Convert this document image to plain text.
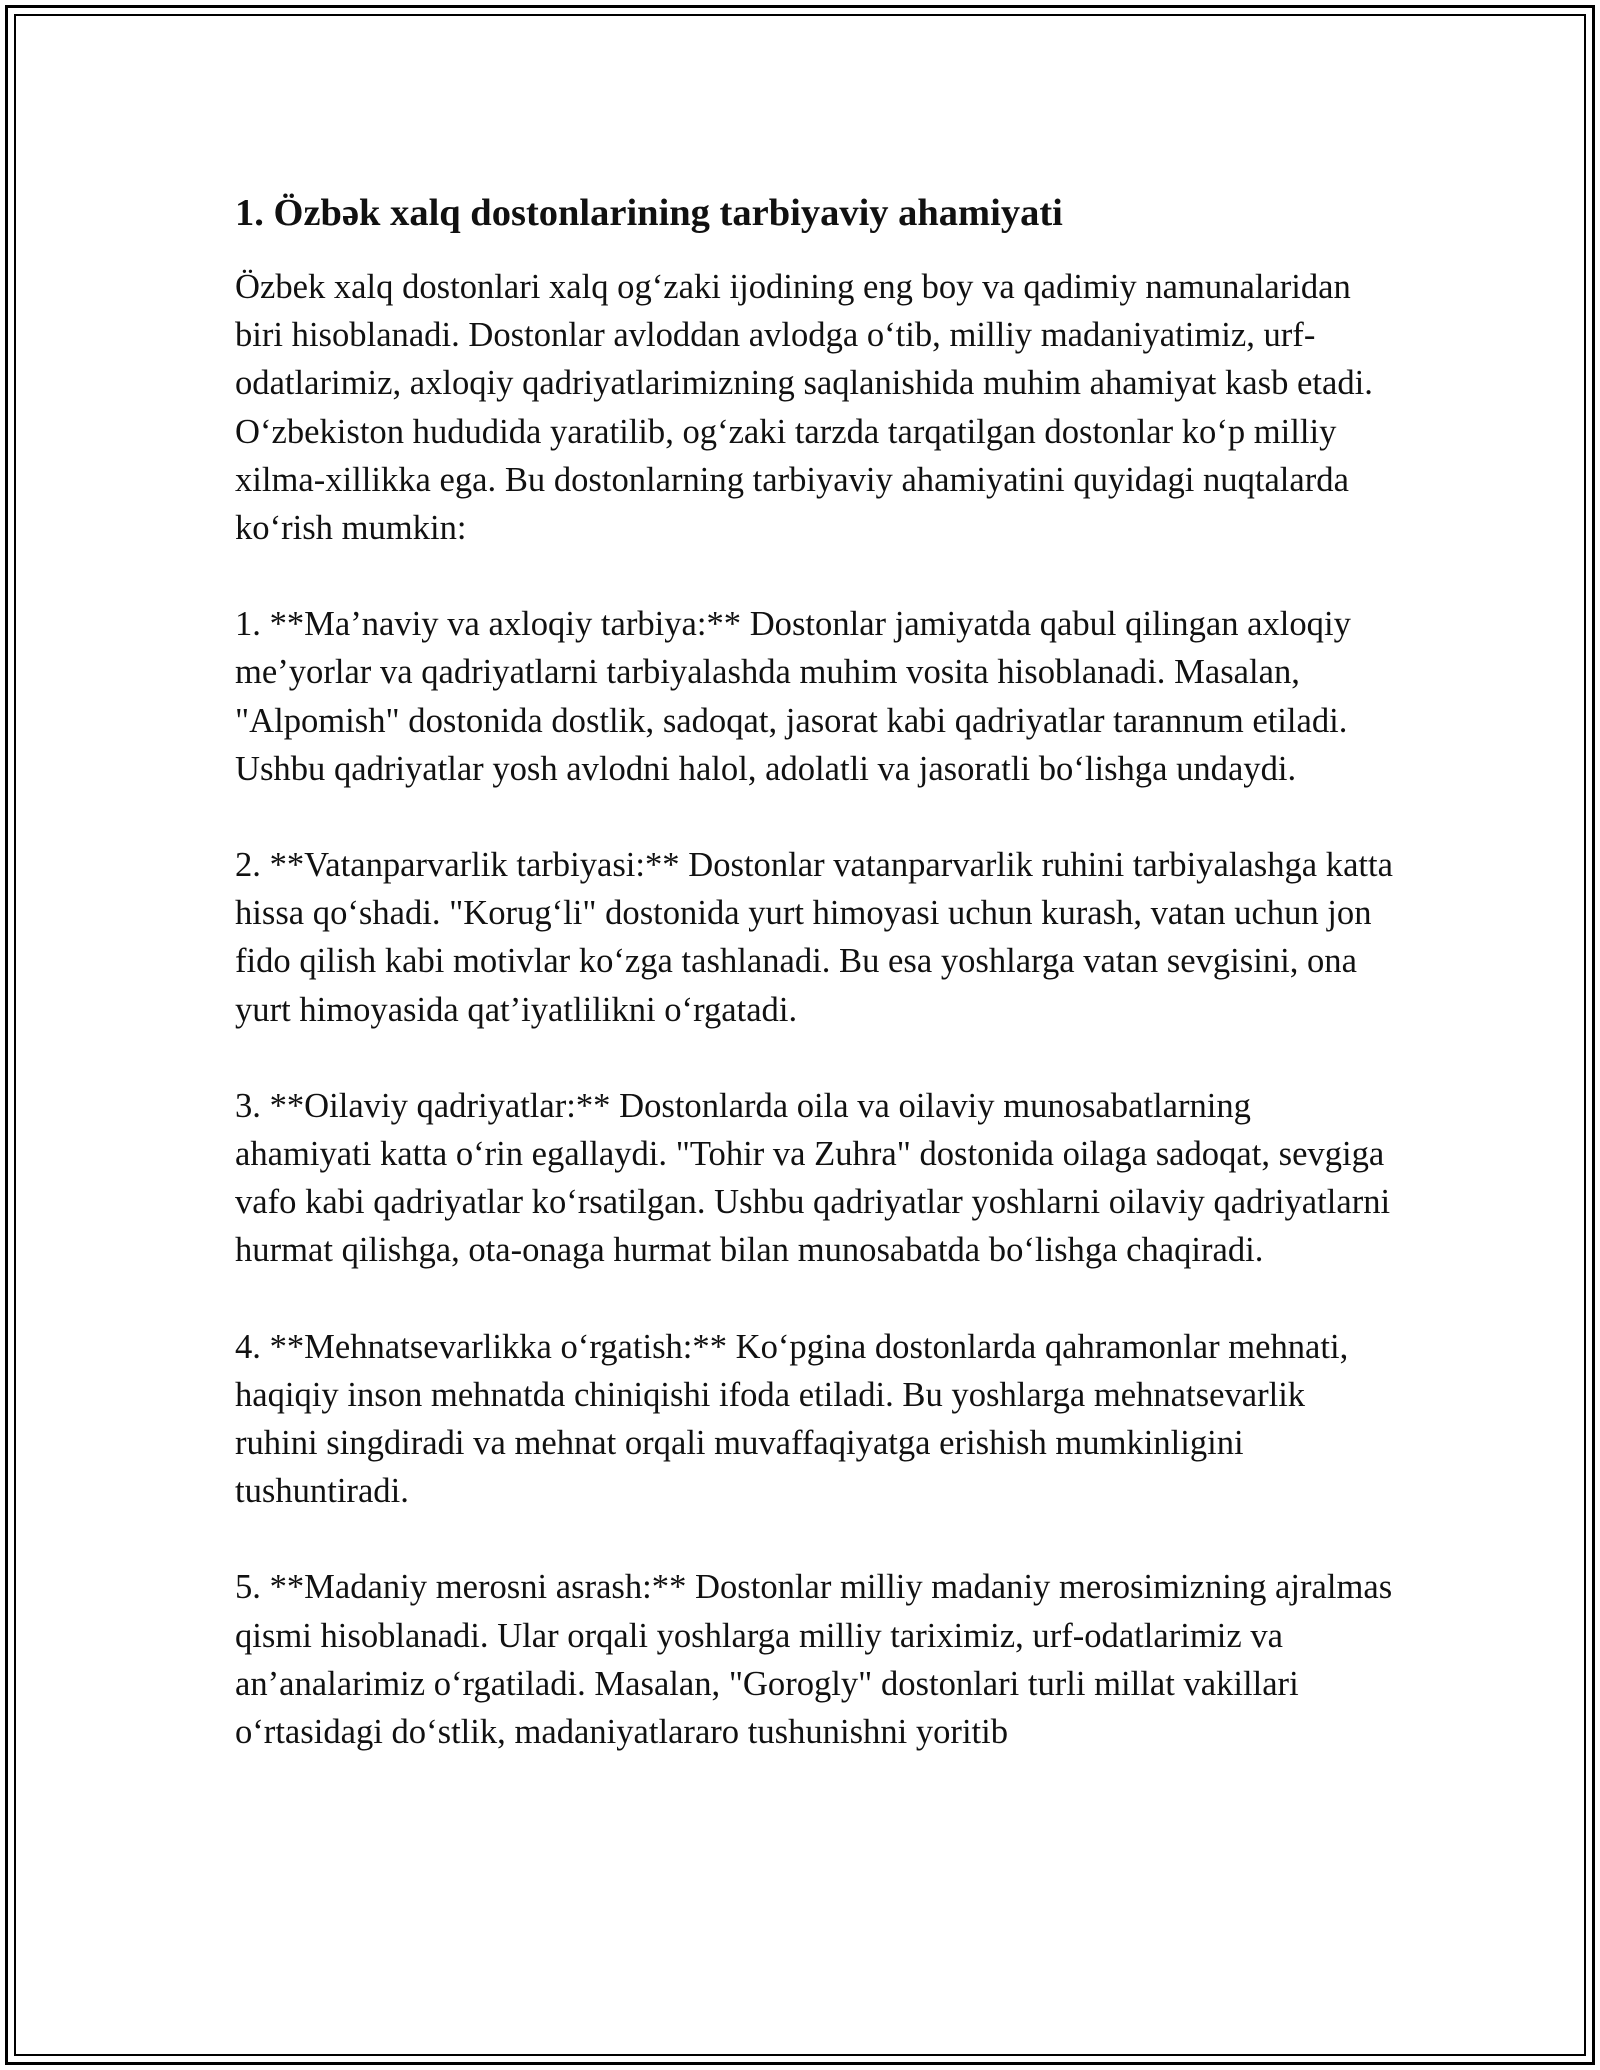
1. Özbək xalq dostonlarining tarbiyaviy ahamiyati

Özbek xalq dostonlari xalq og‘zaki ijodining eng boy va qadimiy namunalaridan biri hisoblanadi. Dostonlar avloddan avlodga o‘tib, milliy madaniyatimiz, urf-odatlarimiz, axloqiy qadriyatlarimizning saqlanishida muhim ahamiyat kasb etadi. O‘zbekiston hududida yaratilib, og‘zaki tarzda tarqatilgan dostonlar ko‘p milliy xilma-xillikka ega. Bu dostonlarning tarbiyaviy ahamiyatini quyidagi nuqtalarda ko‘rish mumkin:

1. **Ma’naviy va axloqiy tarbiya:** Dostonlar jamiyatda qabul qilingan axloqiy me’yorlar va qadriyatlarni tarbiyalashda muhim vosita hisoblanadi. Masalan, "Alpomish" dostonida dostlik, sadoqat, jasorat kabi qadriyatlar tarannum etiladi. Ushbu qadriyatlar yosh avlodni halol, adolatli va jasoratli bo‘lishga undaydi.

2. **Vatanparvarlik tarbiyasi:** Dostonlar vatanparvarlik ruhini tarbiyalashga katta hissa qo‘shadi. "Korug‘li" dostonida yurt himoyasi uchun kurash, vatan uchun jon fido qilish kabi motivlar ko‘zga tashlanadi. Bu esa yoshlarga vatan sevgisini, ona yurt himoyasida qat’iyatlilikni o‘rgatadi.

3. **Oilaviy qadriyatlar:** Dostonlarda oila va oilaviy munosabatlarning ahamiyati katta o‘rin egallaydi. "Tohir va Zuhra" dostonida oilaga sadoqat, sevgiga vafo kabi qadriyatlar ko‘rsatilgan. Ushbu qadriyatlar yoshlarni oilaviy qadriyatlarni hurmat qilishga, ota-onaga hurmat bilan munosabatda bo‘lishga chaqiradi.

4. **Mehnatsevarlikka o‘rgatish:** Ko‘pgina dostonlarda qahramonlar mehnati, haqiqiy inson mehnatda chiniqishi ifoda etiladi. Bu yoshlarga mehnatsevarlik ruhini singdiradi va mehnat orqali muvaffaqiyatga erishish mumkinligini tushuntiradi.

5. **Madaniy merosni asrash:** Dostonlar milliy madaniy merosimizning ajralmas qismi hisoblanadi. Ular orqali yoshlarga milliy tariximiz, urf-odatlarimiz va an’analarimiz o‘rgatiladi. Masalan, "Gorogly" dostonlari turli millat vakillari o‘rtasidagi do‘stlik, madaniyatlararo tushunishni yoritib
